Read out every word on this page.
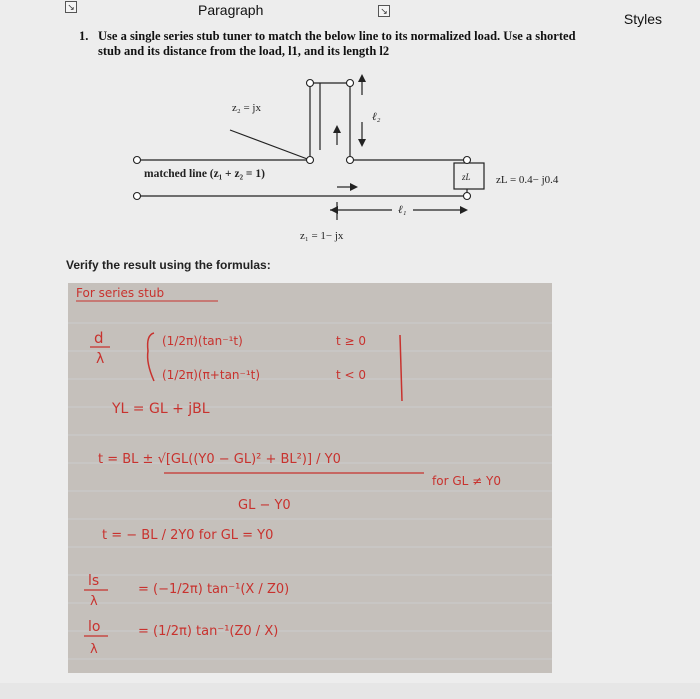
↘	Paragraph	↘	Styles
1. Use a single series stub tuner to match the below line to its normalized load. Use a shorted stub and its distance from the load, l1, and its length l2
z₂ = jx
ℓ₂
matched line (z₁ + z₂ = 1)	zL zL = 0.4− j0.4
ℓ₁
z₁ = 1− jx
Verify the result using the formulas:
For series stub
d
λ
(1/2π)(tan⁻¹t)	t ≥ 0
(1/2π)(π+tan⁻¹t)	t < 0
YL = GL + jBL
t = BL ± √[GL((Y0 − GL)² + BL²)] / Y0
for GL ≠ Y0
GL − Y0
t = − BL / 2Y0 for GL = Y0
ls
λ
= (−1/2π) tan⁻¹(X / Z0)
lo
λ
= (1/2π) tan⁻¹(Z0 / X)
